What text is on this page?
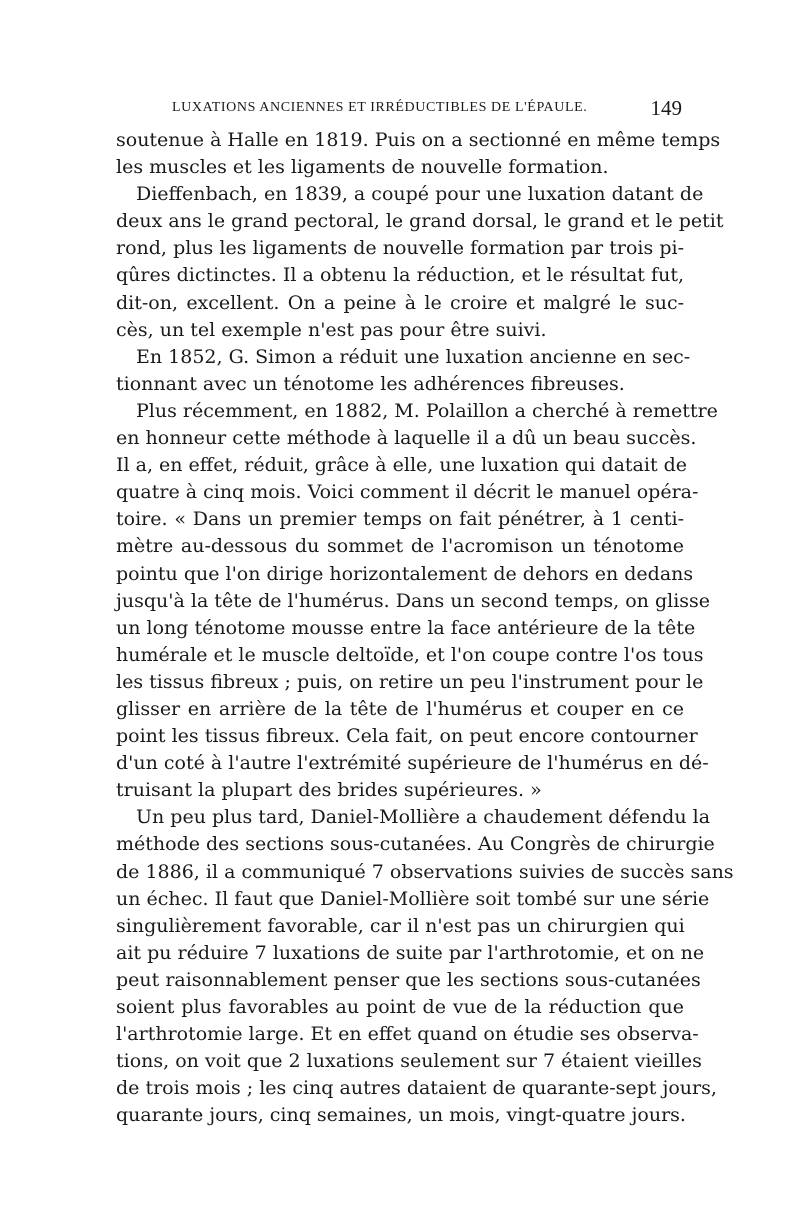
LUXATIONS ANCIENNES ET IRRÉDUCTIBLES DE L'ÉPAULE.	149
soutenue à Halle en 1819. Puis on a sectionné en même temps
les muscles et les ligaments de nouvelle formation.
Dieffenbach, en 1839, a coupé pour une luxation datant de
deux ans le grand pectoral, le grand dorsal, le grand et le petit
rond, plus les ligaments de nouvelle formation par trois pi-
qûres dictinctes. Il a obtenu la réduction, et le résultat fut,
dit-on, excellent. On a peine à le croire et malgré le suc-
cès, un tel exemple n'est pas pour être suivi.
En 1852, G. Simon a réduit une luxation ancienne en sec-
tionnant avec un ténotome les adhérences fibreuses.
Plus récemment, en 1882, M. Polaillon a cherché à remettre
en honneur cette méthode à laquelle il a dû un beau succès.
Il a, en effet, réduit, grâce à elle, une luxation qui datait de
quatre à cinq mois. Voici comment il décrit le manuel opéra-
toire. « Dans un premier temps on fait pénétrer, à 1 centi-
mètre au-dessous du sommet de l'acromison un ténotome
pointu que l'on dirige horizontalement de dehors en dedans
jusqu'à la tête de l'humérus. Dans un second temps, on glisse
un long ténotome mousse entre la face antérieure de la tête
humérale et le muscle deltoïde, et l'on coupe contre l'os tous
les tissus fibreux ; puis, on retire un peu l'instrument pour le
glisser en arrière de la tête de l'humérus et couper en ce
point les tissus fibreux. Cela fait, on peut encore contourner
d'un coté à l'autre l'extrémité supérieure de l'humérus en dé-
truisant la plupart des brides supérieures. »
Un peu plus tard, Daniel-Mollière a chaudement défendu la
méthode des sections sous-cutanées. Au Congrès de chirurgie
de 1886, il a communiqué 7 observations suivies de succès sans
un échec. Il faut que Daniel-Mollière soit tombé sur une série
singulièrement favorable, car il n'est pas un chirurgien qui
ait pu réduire 7 luxations de suite par l'arthrotomie, et on ne
peut raisonnablement penser que les sections sous-cutanées
soient plus favorables au point de vue de la réduction que
l'arthrotomie large. Et en effet quand on étudie ses observa-
tions, on voit que 2 luxations seulement sur 7 étaient vieilles
de trois mois ; les cinq autres dataient de quarante-sept jours,
quarante jours, cinq semaines, un mois, vingt-quatre jours.
